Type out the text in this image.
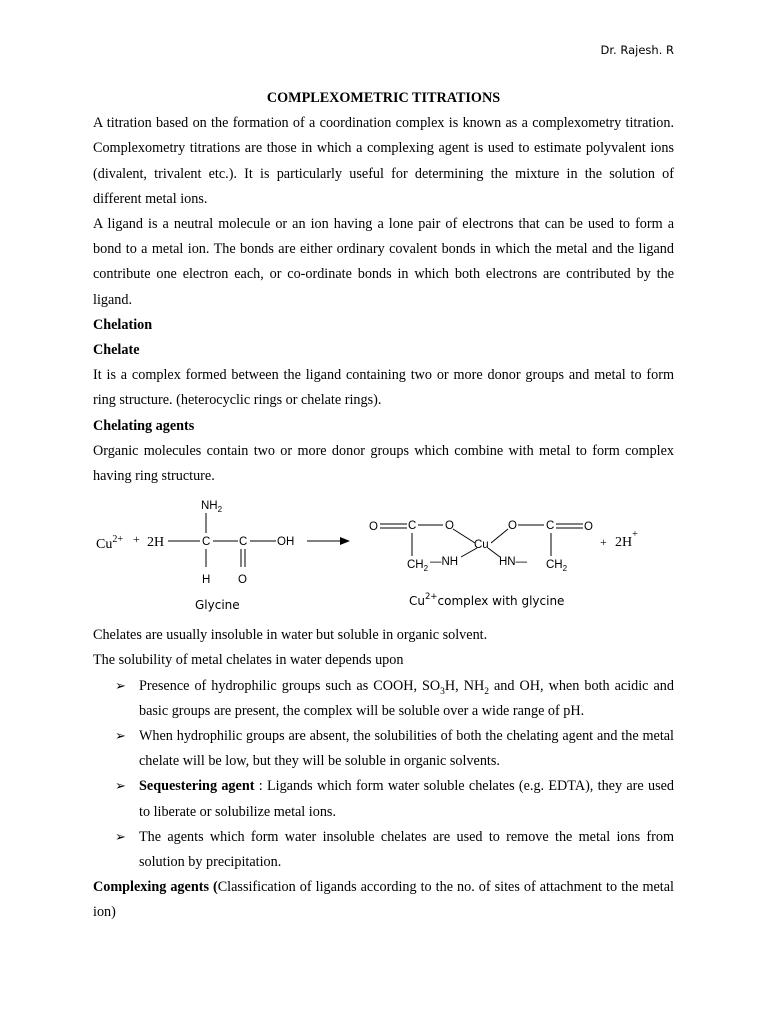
Dr. Rajesh. R

COMPLEXOMETRIC TITRATIONS

A titration based on the formation of a coordination complex is known as a complexometry titration. Complexometry titrations are those in which a complexing agent is used to estimate polyvalent ions (divalent, trivalent etc.). It is particularly useful for determining the mixture in the solution of different metal ions.

A ligand is a neutral molecule or an ion having a lone pair of electrons that can be used to form a bond to a metal ion. The bonds are either ordinary covalent bonds in which the metal and the ligand contribute one electron each, or co-ordinate bonds in which both electrons are contributed by the ligand.

Chelation

Chelate

It is a complex formed between the ligand containing two or more donor groups and metal to form ring structure. (heterocyclic rings or chelate rings).

Chelating agents

Organic molecules contain two or more donor groups which combine with metal to form complex having ring structure.

$Cu^{2+} + 2H$
$NH_2$
C
H
C
O
OH
Glycine
O	C O
$CH_2$
—NH
Cu
O	C	O
HN— $CH_2$
+ 2H+
$Cu^{2+}complex$ with glycine

Chelates are usually insoluble in water but soluble in organic solvent.

The solubility of metal chelates in water depends upon

➢ Presence of hydrophilic groups such as COOH, $SO_3H$, $NH_2$ and OH, when both acidic and basic groups are present, the complex will be soluble over a wide range of pH.
➢ When hydrophilic groups are absent, the solubilities of both the chelating agent and the metal chelate will be low, but they will be soluble in organic solvents.
➢ Sequestering agent : Ligands which form water soluble chelates (e.g. EDTA), they are used to liberate or solubilize metal ions.
➢ The agents which form water insoluble chelates are used to remove the metal ions from solution by precipitation.

Complexing agents (Classification of ligands according to the no. of sites of attachment to the metal ion)
